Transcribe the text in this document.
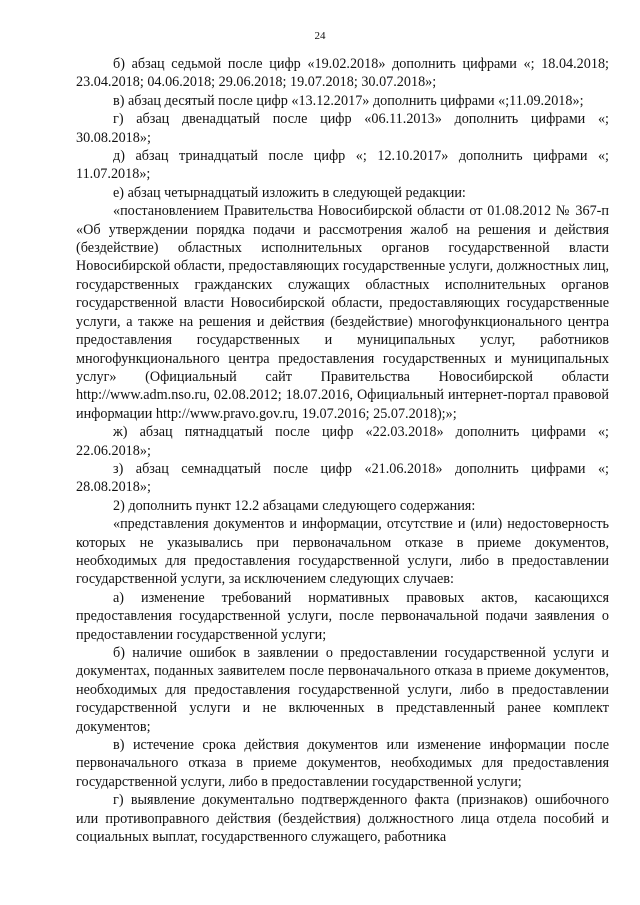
24

б) абзац седьмой после цифр «19.02.2018» дополнить цифрами «; 18.04.2018; 23.04.2018; 04.06.2018; 29.06.2018; 19.07.2018; 30.07.2018»;

в) абзац десятый после цифр «13.12.2017» дополнить цифрами «;11.09.2018»;

г) абзац двенадцатый после цифр «06.11.2013» дополнить цифрами «; 30.08.2018»;

д) абзац тринадцатый после цифр «; 12.10.2017» дополнить цифрами «; 11.07.2018»;

е) абзац четырнадцатый изложить в следующей редакции:

«постановлением Правительства Новосибирской области от 01.08.2012 № 367-п «Об утверждении порядка подачи и рассмотрения жалоб на решения и действия (бездействие) областных исполнительных органов государственной власти Новосибирской области, предоставляющих государственные услуги, должностных лиц, государственных гражданских служащих областных исполнительных органов государственной власти Новосибирской области, предоставляющих государственные услуги, а также на решения и действия (бездействие) многофункционального центра предоставления государственных и муниципальных услуг, работников многофункционального центра предоставления государственных и муниципальных услуг» (Официальный сайт Правительства Новосибирской области http://www.adm.nso.ru, 02.08.2012; 18.07.2016, Официальный интернет-портал правовой информации http://www.pravo.gov.ru, 19.07.2016; 25.07.2018);»;

ж) абзац пятнадцатый после цифр «22.03.2018» дополнить цифрами «; 22.06.2018»;

з) абзац семнадцатый после цифр «21.06.2018» дополнить цифрами «; 28.08.2018»;

2) дополнить пункт 12.2 абзацами следующего содержания:

«представления документов и информации, отсутствие и (или) недостоверность которых не указывались при первоначальном отказе в приеме документов, необходимых для предоставления государственной услуги, либо в предоставлении государственной услуги, за исключением следующих случаев:

а) изменение требований нормативных правовых актов, касающихся предоставления государственной услуги, после первоначальной подачи заявления о предоставлении государственной услуги;

б) наличие ошибок в заявлении о предоставлении государственной услуги и документах, поданных заявителем после первоначального отказа в приеме документов, необходимых для предоставления государственной услуги, либо в предоставлении государственной услуги и не включенных в представленный ранее комплект документов;

в) истечение срока действия документов или изменение информации после первоначального отказа в приеме документов, необходимых для предоставления государственной услуги, либо в предоставлении государственной услуги;

г) выявление документально подтвержденного факта (признаков) ошибочного или противоправного действия (бездействия) должностного лица отдела пособий и социальных выплат, государственного служащего, работника
